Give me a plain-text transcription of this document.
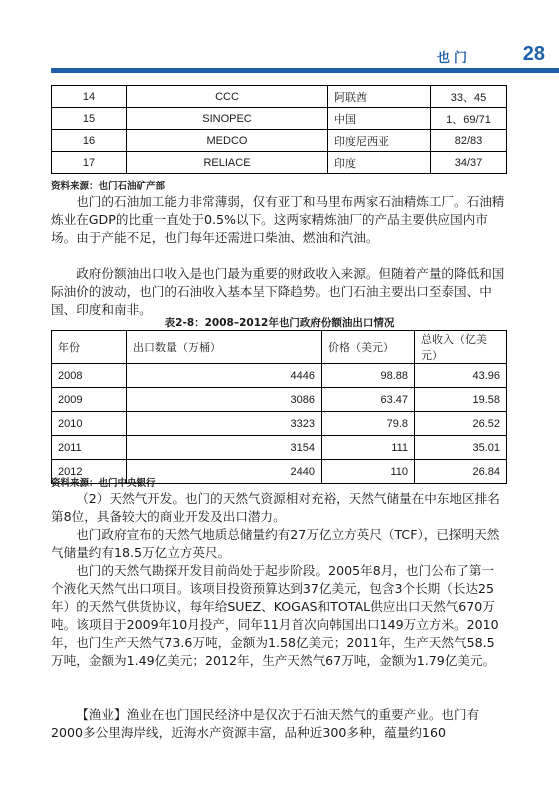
也门	28
14	CCC	阿联酋	33、45
15	SINOPEC	中国	1、69/71
16	MEDCO	印度尼西亚	82/83
17	RELIACE	印度	34/37
资料来源：也门石油矿产部
也门的石油加工能力非常薄弱，仅有亚丁和马里布两家石油精炼工厂。石油精炼业在GDP的比重一直处于0.5%以下。这两家精炼油厂的产品主要供应国内市场。由于产能不足，也门每年还需进口柴油、燃油和汽油。
政府份额油出口收入是也门最为重要的财政收入来源。但随着产量的降低和国际油价的波动，也门的石油收入基本呈下降趋势。也门石油主要出口至泰国、中国、印度和南非。
表2-8：2008–2012年也门政府份额油出口情况
年份	出口数量（万桶）	价格（美元）	总收入（亿美元）
2008	4446	98.88	43.96
2009	3086	63.47	19.58
2010	3323	79.8	26.52
2011	3154	111	35.01
2012	2440	110	26.84
资料来源：也门中央银行
（2）天然气开发。也门的天然气资源相对充裕，天然气储量在中东地区排名第8位，具备较大的商业开发及出口潜力。
也门政府宣布的天然气地质总储量约有27万亿立方英尺（TCF），已探明天然气储量约有18.5万亿立方英尺。
也门的天然气勘探开发目前尚处于起步阶段。2005年8月，也门公布了第一个液化天然气出口项目。该项目投资预算达到37亿美元，包含3个长期（长达25年）的天然气供货协议，每年给SUEZ、KOGAS和TOTAL供应出口天然气670万吨。该项目于2009年10月投产，同年11月首次向韩国出口149万立方米。2010年，也门生产天然气73.6万吨，金额为1.58亿美元；2011年，生产天然气58.5万吨，金额为1.49亿美元；2012年，生产天然气67万吨，金额为1.79亿美元。
【渔业】渔业在也门国民经济中是仅次于石油天然气的重要产业。也门有2000多公里海岸线，近海水产资源丰富，品种近300多种，蕴量约160
